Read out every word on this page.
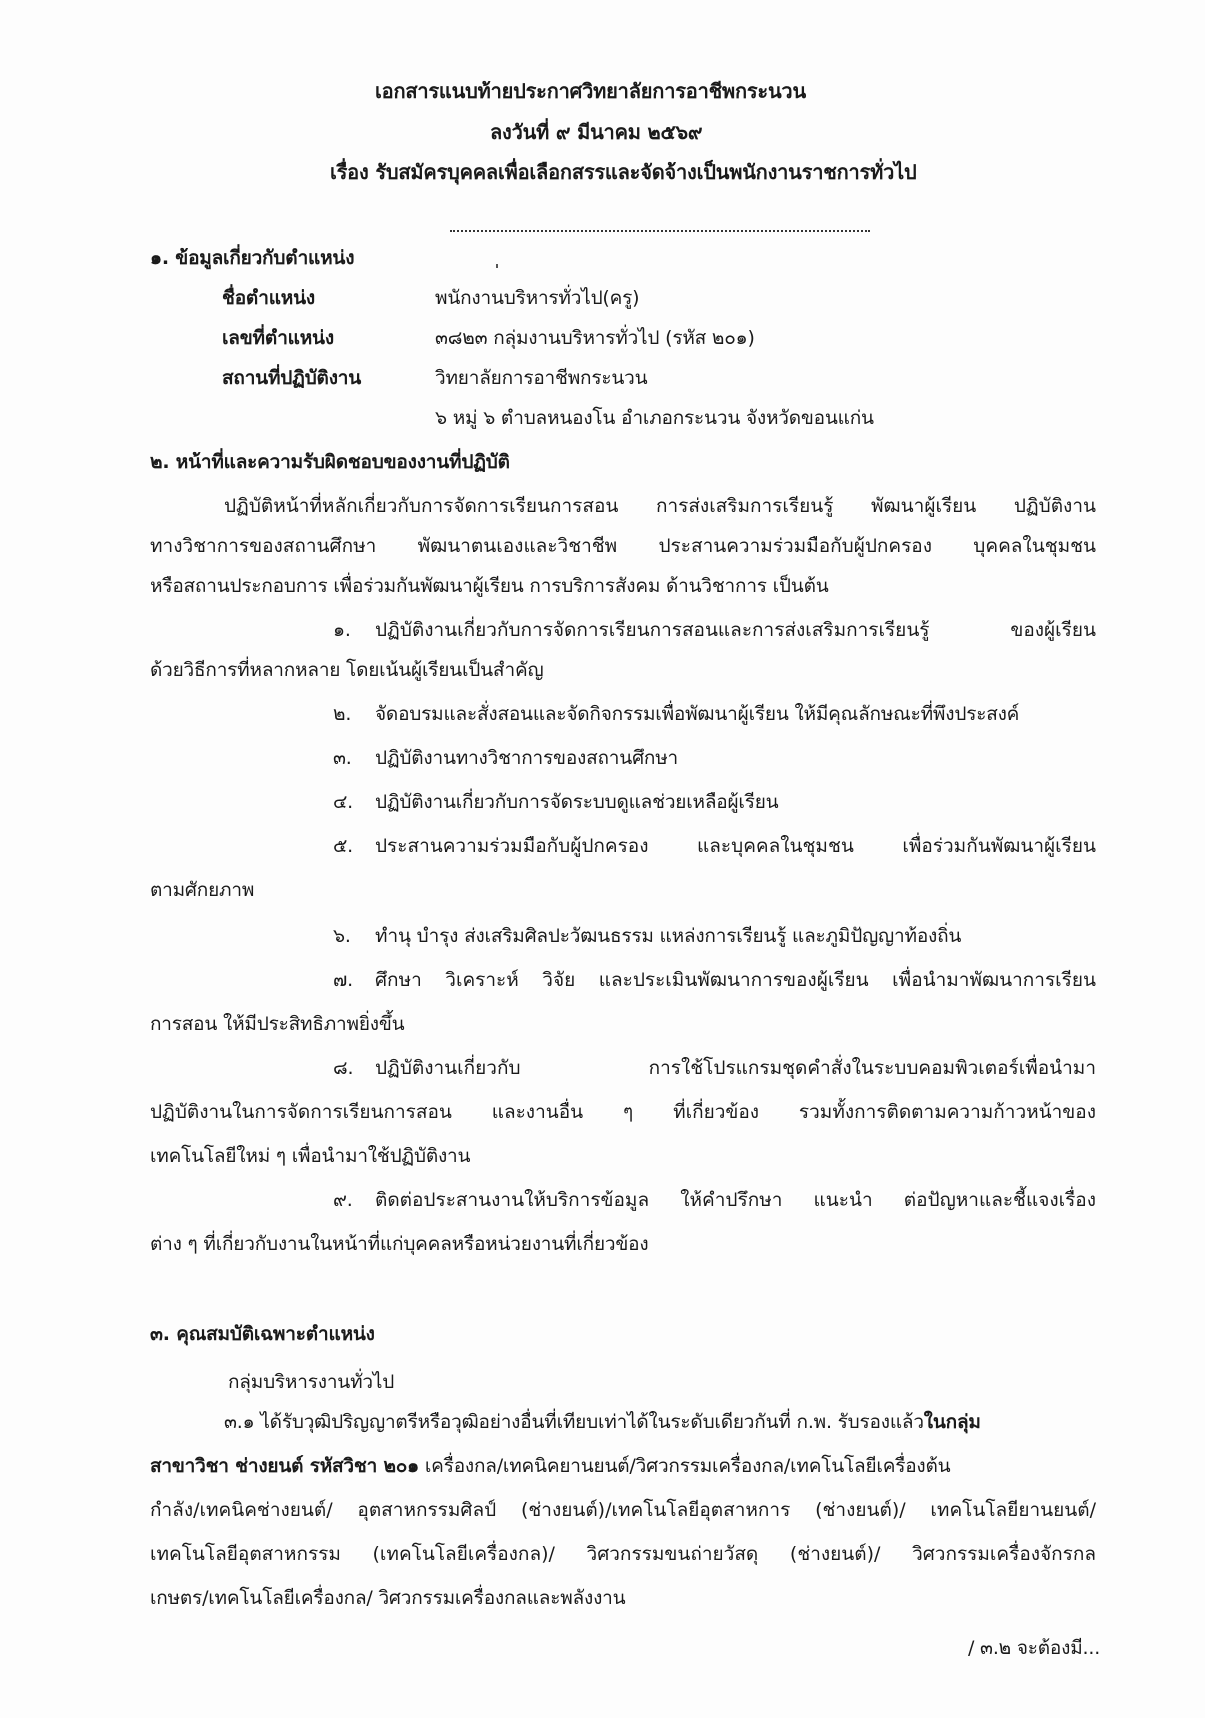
เอกสารแนบท้ายประกาศวิทยาลัยการอาชีพกระนวน
ลงวันที่ ๙ มีนาคม ๒๕๖๙
เรื่อง รับสมัครบุคคลเพื่อเลือกสรรและจัดจ้างเป็นพนักงานราชการทั่วไป
๑. ข้อมูลเกี่ยวกับตำแหน่ง
ชื่อตำแหน่ง	พนักงานบริหารทั่วไป(ครู)
เลขที่ตำแหน่ง	๓๘๒๓ กลุ่มงานบริหารทั่วไป (รหัส ๒๐๑)
สถานที่ปฏิบัติงาน	วิทยาลัยการอาชีพกระนวน
๖ หมู่ ๖ ตำบลหนองโน อำเภอกระนวน จังหวัดขอนแก่น
๒. หน้าที่และความรับผิดชอบของงานที่ปฏิบัติ
ปฏิบัติหน้าที่หลักเกี่ยวกับการจัดการเรียนการสอน การส่งเสริมการเรียนรู้ พัฒนาผู้เรียน ปฏิบัติงาน
ทางวิชาการของสถานศึกษา พัฒนาตนเองและวิชาชีพ ประสานความร่วมมือกับผู้ปกครอง บุคคลในชุมชน
หรือสถานประกอบการ เพื่อร่วมกันพัฒนาผู้เรียน การบริการสังคม ด้านวิชาการ เป็นต้น
๑. ปฏิบัติงานเกี่ยวกับการจัดการเรียนการสอนและการส่งเสริมการเรียนรู้ ของผู้เรียน
ด้วยวิธีการที่หลากหลาย โดยเน้นผู้เรียนเป็นสำคัญ
๒. จัดอบรมและสั่งสอนและจัดกิจกรรมเพื่อพัฒนาผู้เรียน ให้มีคุณลักษณะที่พึงประสงค์
๓. ปฏิบัติงานทางวิชาการของสถานศึกษา
๔. ปฏิบัติงานเกี่ยวกับการจัดระบบดูแลช่วยเหลือผู้เรียน
๕. ประสานความร่วมมือกับผู้ปกครอง และบุคคลในชุมชน เพื่อร่วมกันพัฒนาผู้เรียน
ตามศักยภาพ
๖. ทำนุ บำรุง ส่งเสริมศิลปะวัฒนธรรม แหล่งการเรียนรู้ และภูมิปัญญาท้องถิ่น
๗. ศึกษา วิเคราะห์ วิจัย และประเมินพัฒนาการของผู้เรียน เพื่อนำมาพัฒนาการเรียน
การสอน ให้มีประสิทธิภาพยิ่งขึ้น
๘. ปฏิบัติงานเกี่ยวกับ การใช้โปรแกรมชุดคำสั่งในระบบคอมพิวเตอร์เพื่อนำมา
ปฏิบัติงานในการจัดการเรียนการสอน และงานอื่น ๆ ที่เกี่ยวข้อง รวมทั้งการติดตามความก้าวหน้าของ
เทคโนโลยีใหม่ ๆ เพื่อนำมาใช้ปฏิบัติงาน
๙. ติดต่อประสานงานให้บริการข้อมูล ให้คำปรึกษา แนะนำ ต่อปัญหาและชี้แจงเรื่อง
ต่าง ๆ ที่เกี่ยวกับงานในหน้าที่แก่บุคคลหรือหน่วยงานที่เกี่ยวข้อง
๓. คุณสมบัติเฉพาะตำแหน่ง
กลุ่มบริหารงานทั่วไป
๓.๑ ได้รับวุฒิปริญญาตรีหรือวุฒิอย่างอื่นที่เทียบเท่าได้ในระดับเดียวกันที่ ก.พ. รับรองแล้วในกลุ่ม
สาขาวิชา ช่างยนต์ รหัสวิชา ๒๐๑ เครื่องกล/เทคนิคยานยนต์/วิศวกรรมเครื่องกล/เทคโนโลยีเครื่องต้น
กำลัง/เทคนิคช่างยนต์/ อุตสาหกรรมศิลป์ (ช่างยนต์)/เทคโนโลยีอุตสาหการ (ช่างยนต์)/ เทคโนโลยียานยนต์/
เทคโนโลยีอุตสาหกรรม (เทคโนโลยีเครื่องกล)/ วิศวกรรมขนถ่ายวัสดุ (ช่างยนต์)/ วิศวกรรมเครื่องจักรกล
เกษตร/เทคโนโลยีเครื่องกล/ วิศวกรรมเครื่องกลและพลังงาน
/ ๓.๒ จะต้องมี...
